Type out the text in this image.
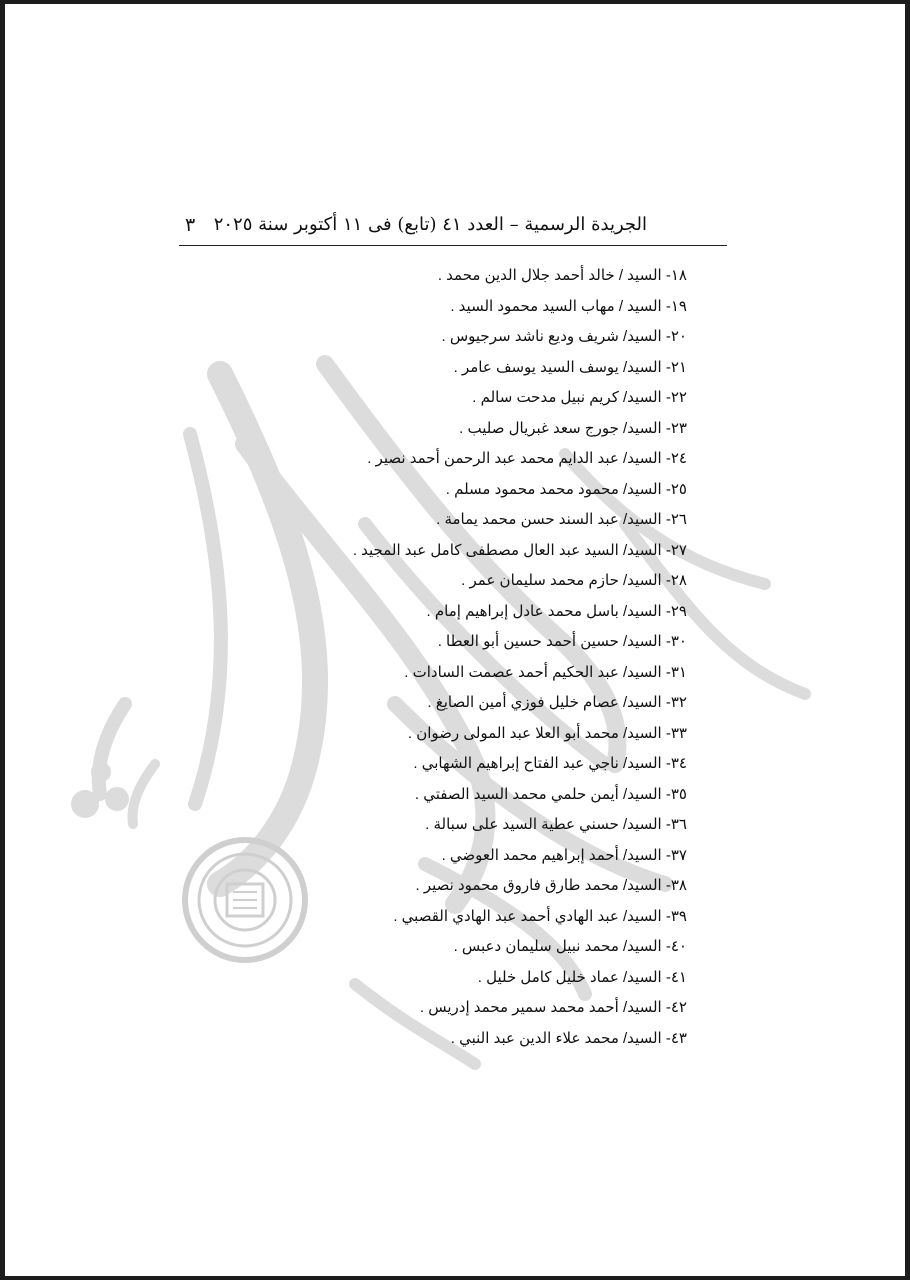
الجريدة الرسمية – العدد ٤١ (تابع) فى ١١ أكتوبر سنة ٢٠٢٥
٣
١٨- السيد / خالد أحمد جلال الدين محمد .
١٩- السيد / مهاب السيد محمود السيد .
٢٠- السيد/ شريف وديع ناشد سرجيوس .
٢١- السيد/ يوسف السيد يوسف عامر .
٢٢- السيد/ كريم نبيل مدحت سالم .
٢٣- السيد/ جورج سعد غبريال صليب .
٢٤- السيد/ عبد الدايم محمد عبد الرحمن أحمد نصير .
٢٥- السيد/ محمود محمد محمود مسلم .
٢٦- السيد/ عبد السند حسن محمد يمامة .
٢٧- السيد/ السيد عبد العال مصطفى كامل عبد المجيد .
٢٨- السيد/ حازم محمد سليمان عمر .
٢٩- السيد/ باسل محمد عادل إبراهيم إمام .
٣٠- السيد/ حسين أحمد حسين أبو العطا .
٣١- السيد/ عبد الحكيم أحمد عصمت السادات .
٣٢- السيد/ عصام خليل فوزي أمين الصايغ .
٣٣- السيد/ محمد أبو العلا عبد المولى رضوان .
٣٤- السيد/ ناجي عبد الفتاح إبراهيم الشهابي .
٣٥- السيد/ أيمن حلمي محمد السيد الصفتي .
٣٦- السيد/ حسني عطية السيد على سبالة .
٣٧- السيد/ أحمد إبراهيم محمد العوضي .
٣٨- السيد/ محمد طارق فاروق محمود نصير .
٣٩- السيد/ عبد الهادي أحمد عبد الهادي القصبي .
٤٠- السيد/ محمد نبيل سليمان دعبس .
٤١- السيد/ عماد خليل كامل خليل .
٤٢- السيد/ أحمد محمد سمير محمد إدريس .
٤٣- السيد/ محمد علاء الدين عبد النبي .
